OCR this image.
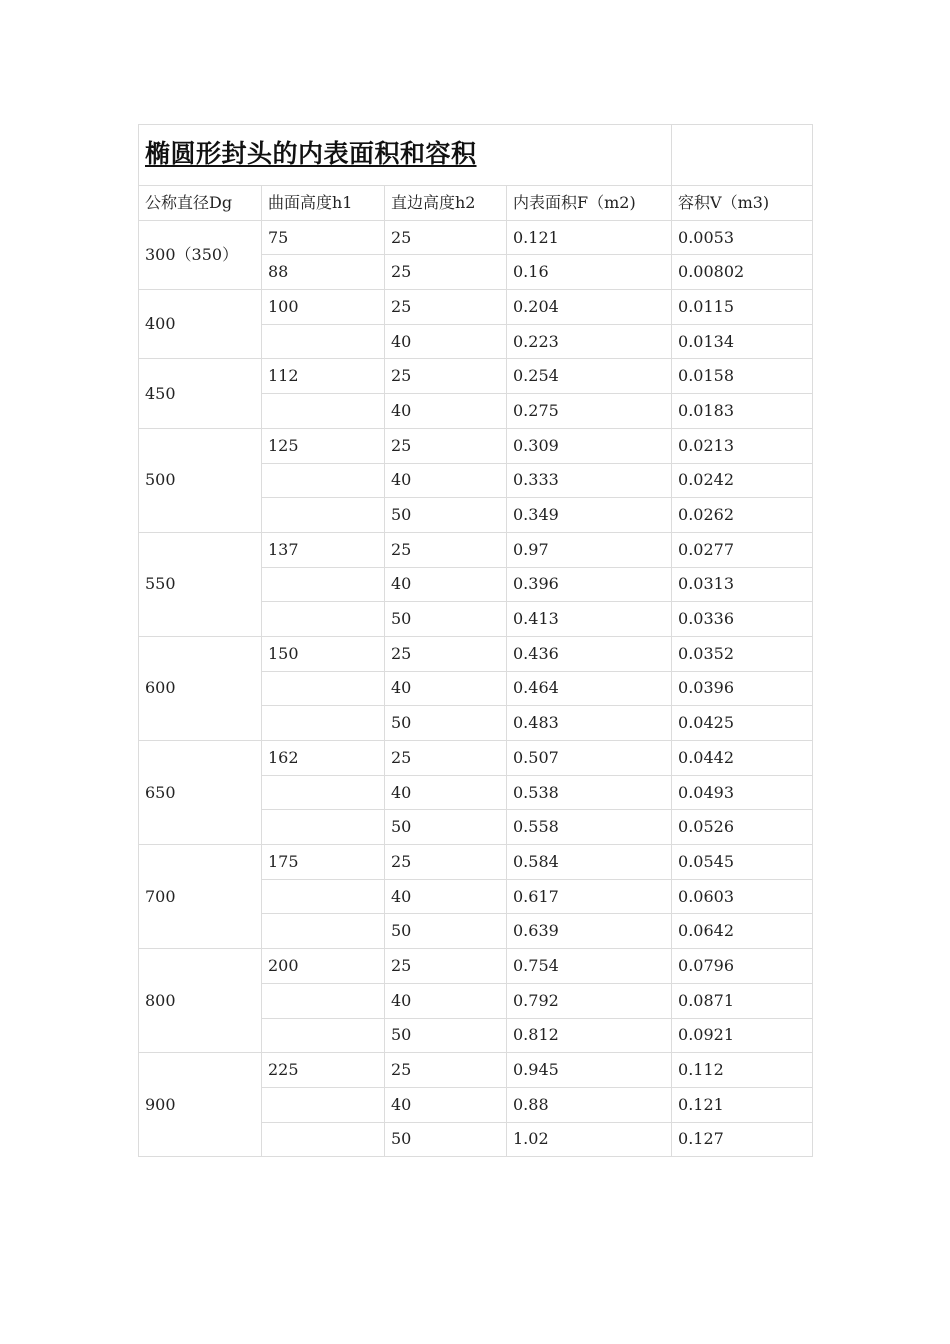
椭圆形封头的内表面积和容积				
公称直径Dg	曲面高度h1	直边高度h2	内表面积F（m2)	容积V（m3)
300（350）	75	25	0.121	0.0053
	88	25	0.16	0.00802
400	100	25	0.204	0.0115
		40	0.223	0.0134
450	112	25	0.254	0.0158
		40	0.275	0.0183
500	125	25	0.309	0.0213
		40	0.333	0.0242
		50	0.349	0.0262
550	137	25	0.97	0.0277
		40	0.396	0.0313
		50	0.413	0.0336
600	150	25	0.436	0.0352
		40	0.464	0.0396
		50	0.483	0.0425
650	162	25	0.507	0.0442
		40	0.538	0.0493
		50	0.558	0.0526
700	175	25	0.584	0.0545
		40	0.617	0.0603
		50	0.639	0.0642
800	200	25	0.754	0.0796
		40	0.792	0.0871
		50	0.812	0.0921
900	225	25	0.945	0.112
		40	0.88	0.121
		50	1.02	0.127
